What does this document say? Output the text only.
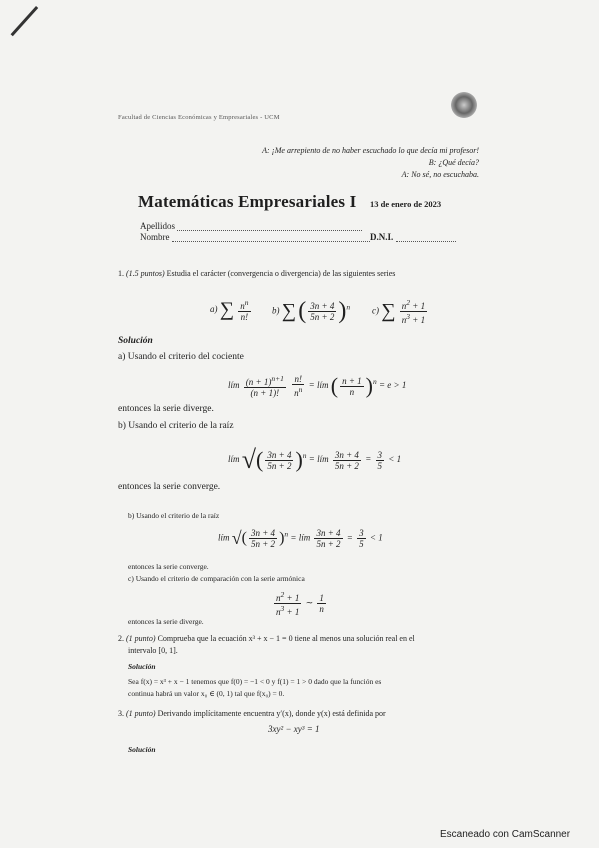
Facultad de Ciencias Económicas y Empresariales - UCM
A: ¡Me arrepiento de no haber escuchado lo que decía mi profesor!
B: ¿Qué decía?
A: No sé, no escuchaba.
Matemáticas Empresariales I 13 de enero de 2023
Apellidos
Nombre	D.N.I.
1. (1.5 puntos) Estudia el carácter (convergencia o divergencia) de las siguientes series
a) ∑ $\frac{n^n}{n!} b$) ∑ ( $\frac{3n + 4}{5n + 2} )^n$ c) ∑ $\frac{n^2 + 1}{n^3 + 1}$
Solución
a) Usando el criterio del cociente
lím $\frac{(n + 1)^{n+1}}{(n + 1)!}$
$\frac{n!}{n^n}$ = lím ( $\frac{n + 1}{n} )^n = e > 1$
entonces la serie diverge.
b) Usando el criterio de la raíz
lím √( $\frac{3n + 4}{5n + 2} )^n$ = lím $\frac{3n + 4}{5n + 2} = \frac{3}{5} < 1$
entonces la serie converge.
b) Usando el criterio de la raíz
lím √( $\frac{3n + 4}{5n + 2} )^n$ = lím $\frac{3n + 4}{5n + 2} = \frac{3}{5} < 1$
entonces la serie converge.
c) Usando el criterio de comparación con la serie armónica
$\frac{n^2 + 1}{n^3 + 1}$ ∼ $\frac{1}{n}$
entonces la serie diverge.
2. (1 punto) Comprueba que la ecuación x³ + x − 1 = 0 tiene al menos una solución real en el
intervalo [0, 1].
Solución
Sea f(x) = x³ + x − 1 tenemos que f(0) = −1 < 0 y f(1) = 1 > 0 dado que la función es
continua habrá un valor x₀ ∈ (0, 1) tal que f(x₀) = 0.
3. (1 punto) Derivando implícitamente encuentra y′(x), donde y(x) está definida por
3xy² − xy³ = 1
Solución
Escaneado con CamScanner
